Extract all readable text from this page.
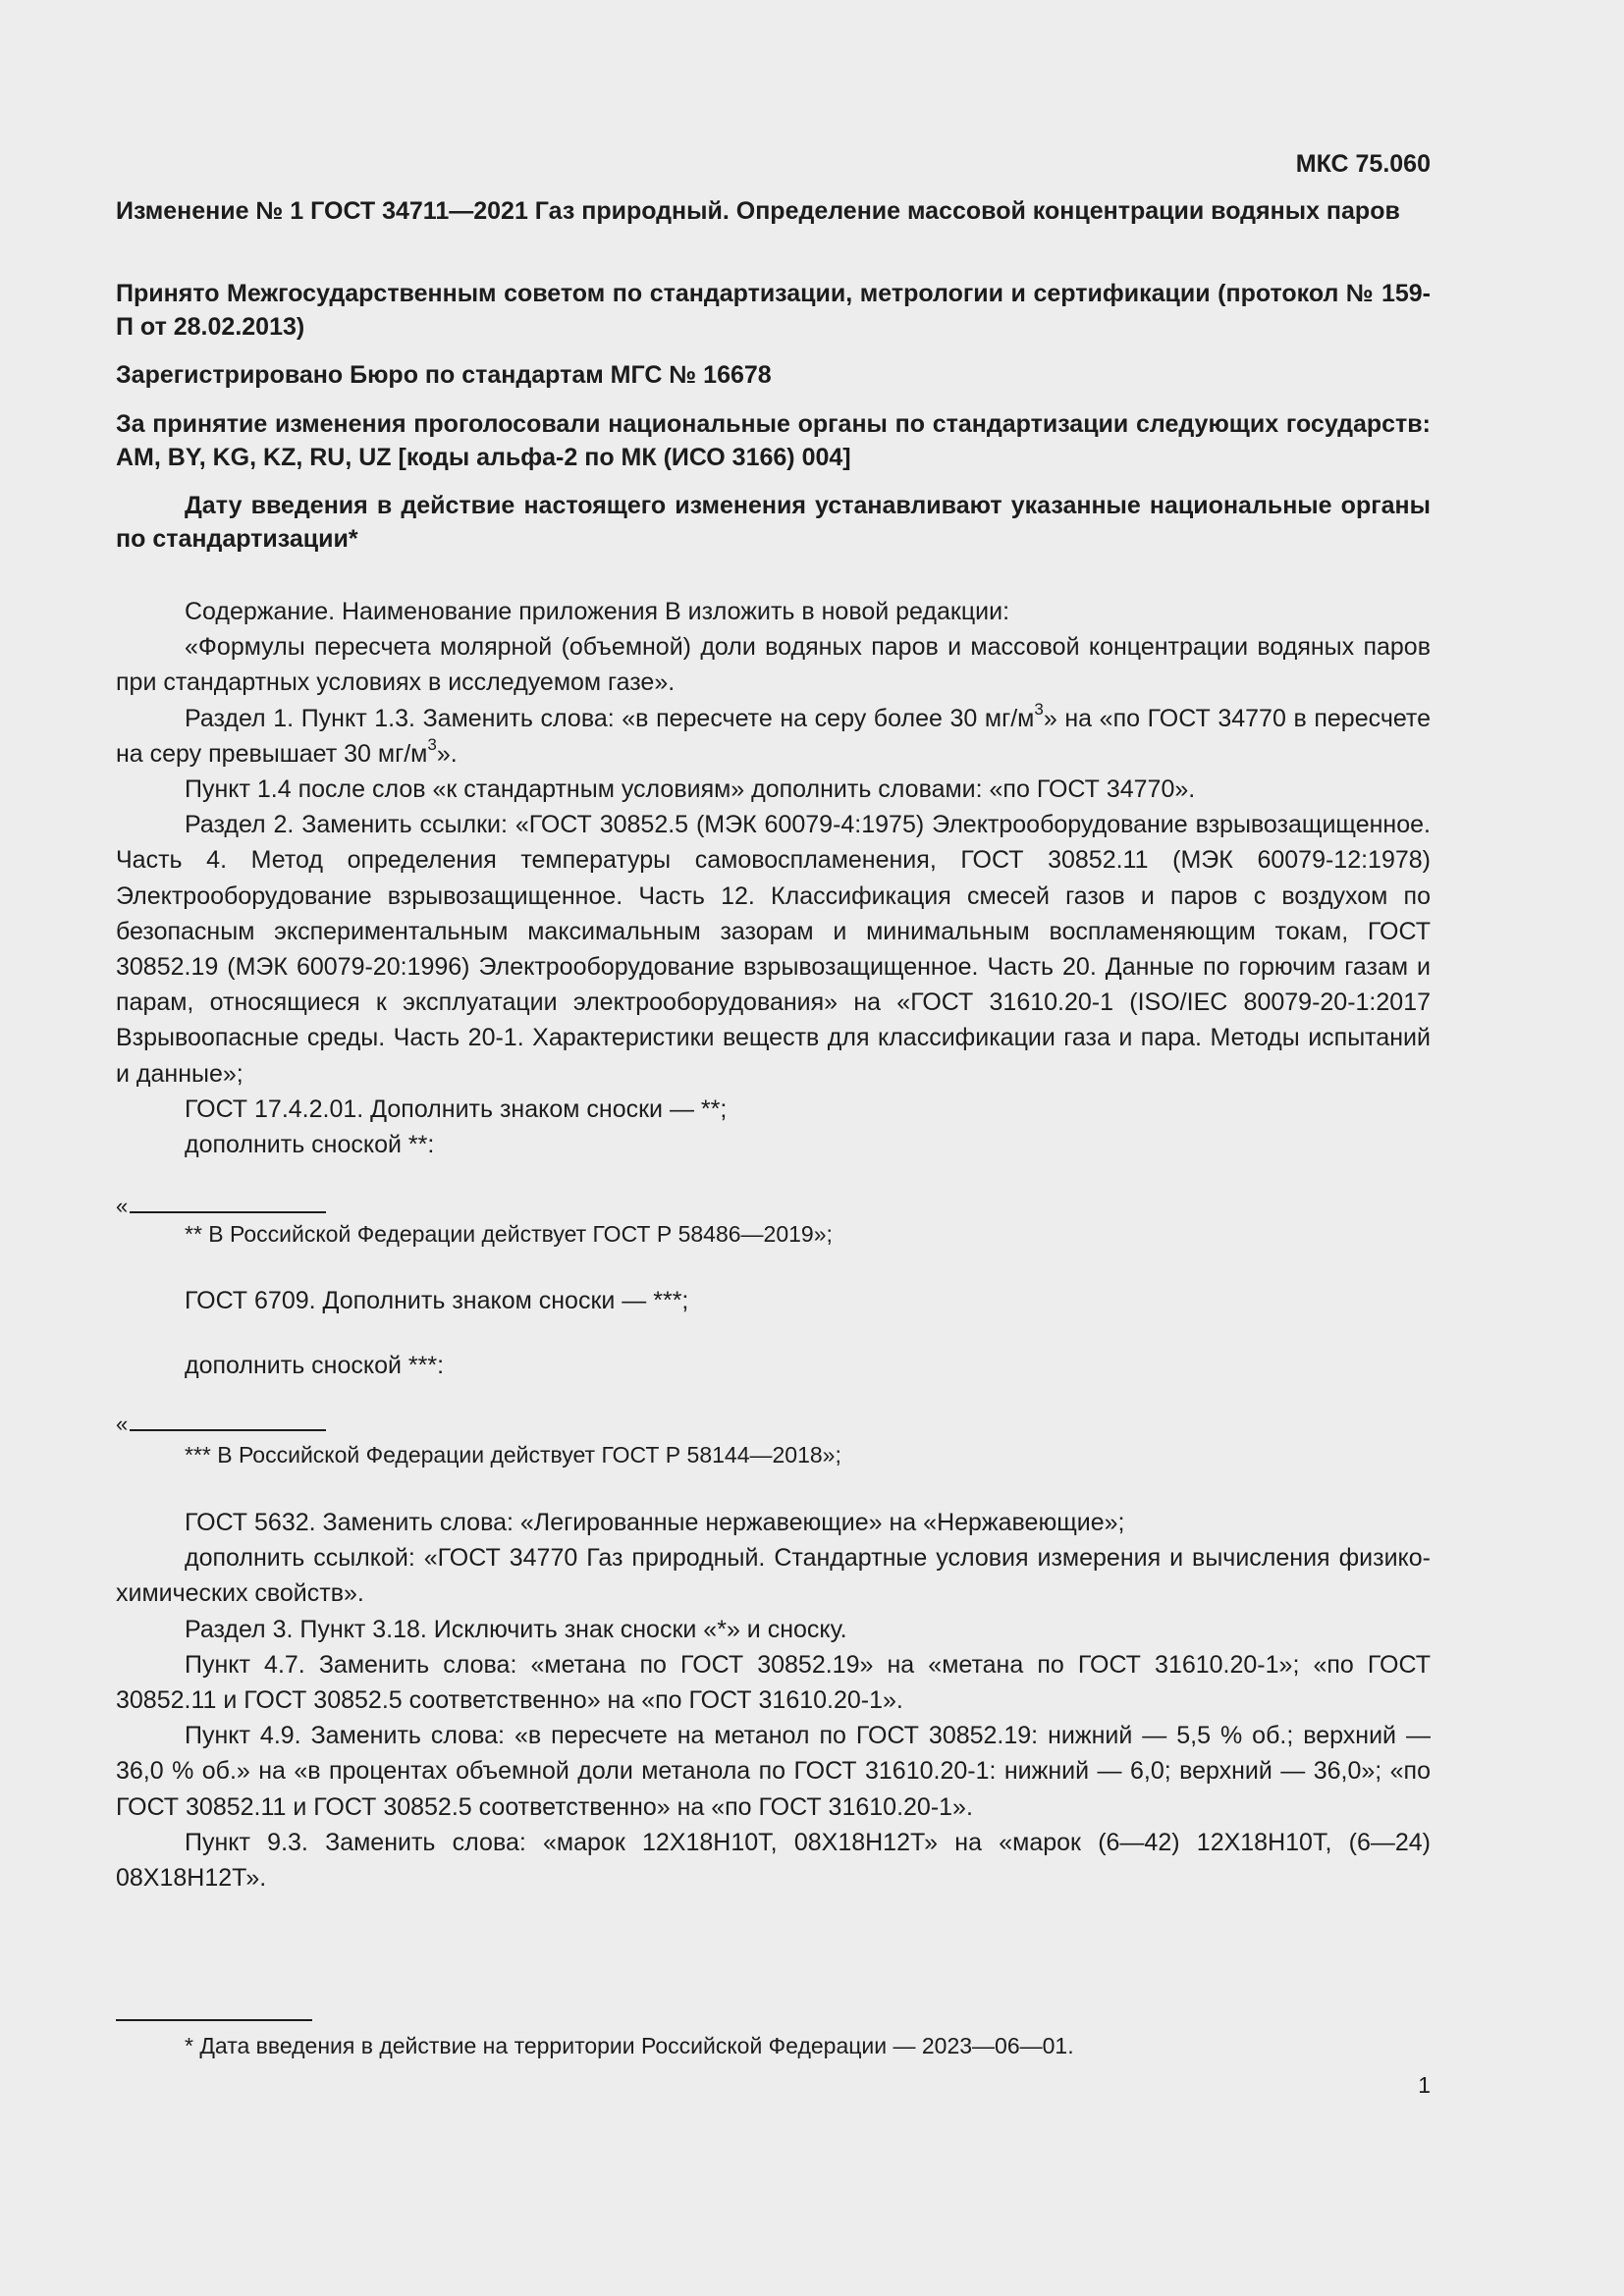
МКС 75.060
Изменение № 1 ГОСТ 34711—2021 Газ природный. Определение массовой концентрации водяных паров
Принято Межгосударственным советом по стандартизации, метрологии и сертификации (протокол № 159-П от 28.02.2013)
Зарегистрировано Бюро по стандартам МГС № 16678
За принятие изменения проголосовали национальные органы по стандартизации следующих государств: AM, BY, KG, KZ, RU, UZ [коды альфа-2 по МК (ИСО 3166) 004]
Дату введения в действие настоящего изменения устанавливают указанные национальные органы по стандартизации*

Содержание. Наименование приложения В изложить в новой редакции:

«Формулы пересчета молярной (объемной) доли водяных паров и массовой концентрации водяных паров при стандартных условиях в исследуемом газе».

Раздел 1. Пункт 1.3. Заменить слова: «в пересчете на серу более 30 $мг/м^3$» на «по ГОСТ 34770 в пересчете на серу превышает 30 $мг/м^3$».

Пункт 1.4 после слов «к стандартным условиям» дополнить словами: «по ГОСТ 34770».

Раздел 2. Заменить ссылки: «ГОСТ 30852.5 (МЭК 60079-4:1975) Электрооборудование взрывозащищенное. Часть 4. Метод определения температуры самовоспламенения, ГОСТ 30852.11 (МЭК 60079-12:1978) Электрооборудование взрывозащищенное. Часть 12. Классификация смесей газов и паров с воздухом по безопасным экспериментальным максимальным зазорам и минимальным воспламеняющим токам, ГОСТ 30852.19 (МЭК 60079-20:1996) Электрооборудование взрывозащищенное. Часть 20. Данные по горючим газам и парам, относящиеся к эксплуатации электрооборудования» на «ГОСТ 31610.20-1 (ISO/IEC 80079-20-1:2017 Взрывоопасные среды. Часть 20-1. Характеристики веществ для классификации газа и пара. Методы испытаний и данные»;

ГОСТ 17.4.2.01. Дополнить знаком сноски — **;

дополнить сноской **:

«
** В Российской Федерации действует ГОСТ Р 58486—2019»;
ГОСТ 6709. Дополнить знаком сноски — ***;
дополнить сноской ***:
«
*** В Российской Федерации действует ГОСТ Р 58144—2018»;

ГОСТ 5632. Заменить слова: «Легированные нержавеющие» на «Нержавеющие»;

дополнить ссылкой: «ГОСТ 34770 Газ природный. Стандартные условия измерения и вычисления физико-химических свойств».

Раздел 3. Пункт 3.18. Исключить знак сноски «*» и сноску.

Пункт 4.7. Заменить слова: «метана по ГОСТ 30852.19» на «метана по ГОСТ 31610.20-1»; «по ГОСТ 30852.11 и ГОСТ 30852.5 соответственно» на «по ГОСТ 31610.20-1».

Пункт 4.9. Заменить слова: «в пересчете на метанол по ГОСТ 30852.19: нижний — 5,5 % об.; верхний — 36,0 % об.» на «в процентах объемной доли метанола по ГОСТ 31610.20-1: нижний — 6,0; верхний — 36,0»; «по ГОСТ 30852.11 и ГОСТ 30852.5 соответственно» на «по ГОСТ 31610.20-1».

Пункт 9.3. Заменить слова: «марок 12Х18Н10Т, 08Х18Н12Т» на «марок (6—42) 12Х18Н10Т, (6—24) 08Х18Н12Т».

* Дата введения в действие на территории Российской Федерации — 2023—06—01.
1
